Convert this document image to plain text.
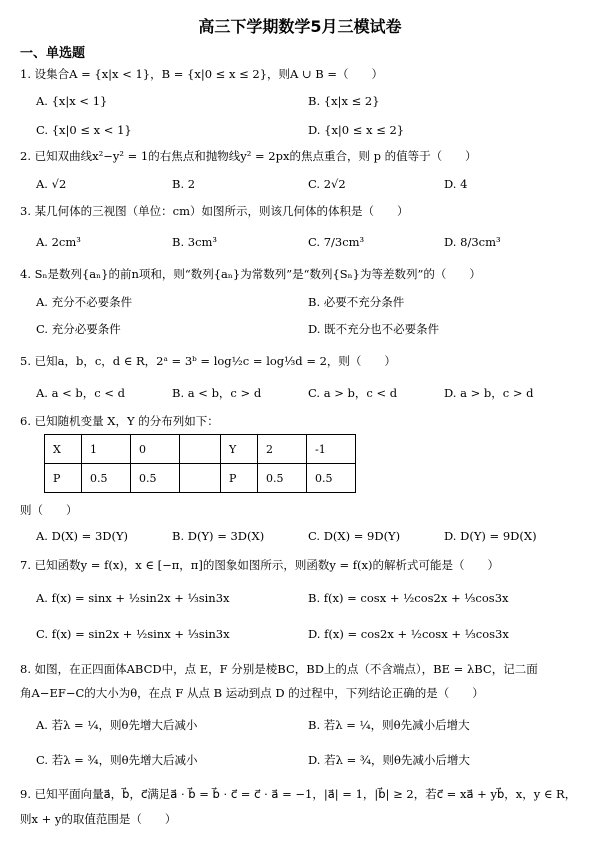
高三下学期数学5月三模试卷
一、单选题
1. 设集合A = {x|x < 1}，B = {x|0 ≤ x ≤ 2}，则A ∪ B =（　　）
A. {x|x < 1}	B. {x|x ≤ 2}
C. {x|0 ≤ x < 1}	D. {x|0 ≤ x ≤ 2}
2. 已知双曲线x²−y² = 1的右焦点和抛物线y² = 2px的焦点重合，则 p 的值等于（　　）
A. √2	B. 2	C. 2√2	D. 4
3. 某几何体的三视图（单位：cm）如图所示，则该几何体的体积是（　　）
A. 2cm³	B. 3cm³	C. 7/3cm³	D. 8/3cm³
4. Sₙ是数列{aₙ}的前n项和，则“数列{aₙ}为常数列”是“数列{Sₙ}为等差数列”的（　　）
A. 充分不必要条件	B. 必要不充分条件
C. 充分必要条件	D. 既不充分也不必要条件
5. 已知a，b，c，d ∈ R，2ᵃ = 3ᵇ = log½c = log⅓d = 2，则（　　）
A. a < b，c < d	B. a < b，c > d	C. a > b，c < d	D. a > b，c > d
6. 已知随机变量 X，Y 的分布列如下：
X	1	0		Y	2	-1
P	0.5	0.5		P	0.5	0.5
则（　　）
A. D(X) = 3D(Y)	B. D(Y) = 3D(X)	C. D(X) = 9D(Y)	D. D(Y) = 9D(X)
7. 已知函数y = f(x)，x ∈ [−π，π]的图象如图所示，则函数y = f(x)的解析式可能是（　　）
A. f(x) = sinx + ½sin2x + ⅓sin3x	B. f(x) = cosx + ½cos2x + ⅓cos3x
C. f(x) = sin2x + ½sinx + ⅓sin3x	D. f(x) = cos2x + ½cosx + ⅓cos3x
8. 如图，在正四面体ABCD中，点 E，F 分别是棱BC，BD上的点（不含端点），BE = λBC，记二面
角A−EF−C的大小为θ，在点 F 从点 B 运动到点 D 的过程中，下列结论正确的是（　　）
A. 若λ = ¼，则θ先增大后减小	B. 若λ = ¼，则θ先减小后增大
C. 若λ = ¾，则θ先增大后减小	D. 若λ = ¾，则θ先减小后增大
9. 已知平面向量a⃗，b⃗，c⃗满足a⃗ · b⃗ = b⃗ · c⃗ = c⃗ · a⃗ = −1，|a⃗| = 1，|b⃗| ≥ 2，若c⃗ = xa⃗ + yb⃗，x，y ∈ R，
则x + y的取值范围是（　　）
